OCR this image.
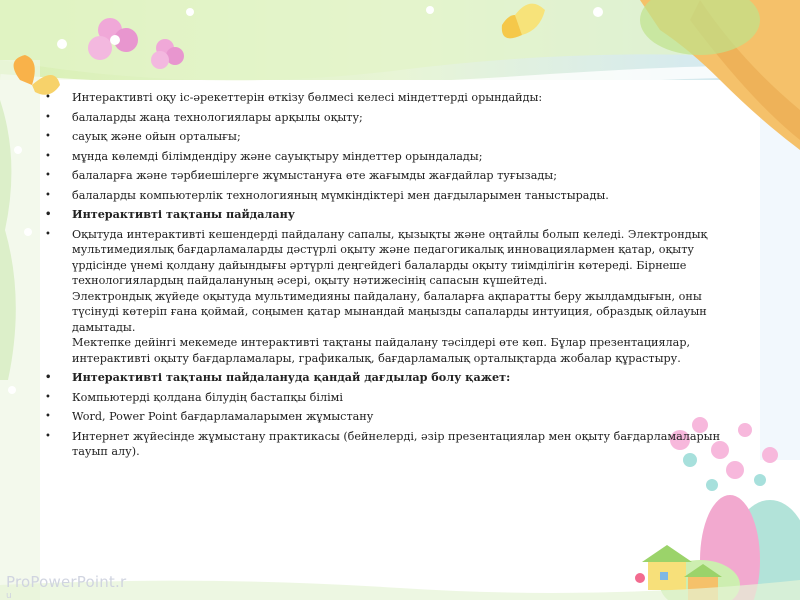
•	Интерактивті оқу іс-әрекеттерін өткізу бөлмесі келесі міндеттерді орындайды:
•	балаларды жаңа технологиялары арқылы оқыту;
•	сауық және ойын орталығы;
•	мұнда көлемді білімдендіру және сауықтыру міндеттер орындалады;
•	балаларға және тәрбиешілерге жұмыстануға өте жағымды жағдайлар туғызады;
•	балаларды компьютерлік технологияның мүмкіндіктері мен дағдыларымен таныстырады.
•	Интерактивті тақтаны пайдалану
•	Оқытуда интерактивті кешендерді пайдалану сапалы, қызықты және оңтайлы болып келеді. Электрондық мультимедиялық бағдарламаларды дәстүрлі оқыту және педагогикалық инновациялармен қатар, оқыту үрдісінде үнемі қолдану дайындығы әртүрлі деңгейдегі балаларды оқыту тиімділігін көтереді. Бірнеше технологиялардың пайдалануның әсері, оқыту нәтижесінің сапасын күшейтеді.
Электрондық жүйеде оқытуда мультимедияны пайдалану, балаларға ақпаратты беру жылдамдығын, оны түсінуді көтеріп ғана қоймай, соңымен қатар мынандай маңызды сапаларды интуиция, образдық ойлауын дамытады.
Мектепке дейінгі мекемеде интерактивті тақтаны пайдалану тәсілдері өте көп. Бұлар презентациялар, интерактивті оқыту бағдарламалары, графикалық, бағдарламалық орталықтарда жобалар құрастыру.
•	Интерактивті тақтаны пайдалануда қандай дағдылар болу қажет:
•	Компьютерді қолдана білудің бастапқы білімі
•	Word, Power Point бағдарламаларымен жұмыстану
•	Интернет жүйесінде жұмыстану практикасы (бейнелерді, әзір презентациялар мен оқыту бағдарламаларын тауып алу).
ProPowerPoint.r
u
